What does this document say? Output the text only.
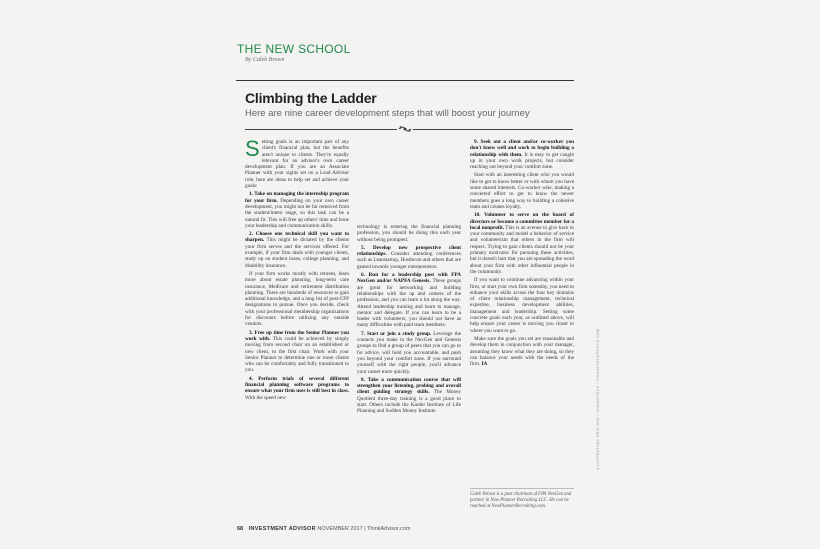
THE NEW SCHOOL
By Caleb Brown
Climbing the Ladder
Here are nine career development steps that will boost your journey

Setting goals is an important part of any client's financial plan, but the benefits aren't unique to clients. They're equally relevant for an advisor's own career development plan. If you are an Associate Planner with your sights set on a Lead Advisor role, here are ideas to help set and achieve your goals:

1. Take on managing the internship program for your firm. Depending on your own career development, you might not be far removed from the student/intern stage, so this task can be a natural fit. This will free up others' time and bone your leadership and communication skills.

2. Choose one technical skill you want to sharpen. This might be dictated by the clients your firm serves and the services offered. For example, if your firm deals with younger clients, study up on student loans, college planning, and disability insurance.

If your firm works mostly with retirees, learn more about estate planning, long-term care insurance, Medicare and retirement distribution planning. There are hundreds of resources to gain additional knowledge, and a long list of post-CFP designations to pursue. Once you decide, check with your professional membership organizations for discounts before utilizing any outside vendors.

3. Free up time from the Senior Planner you work with. This could be achieved by simply moving from second chair on an established or new client, to the first chair. Work with your Senior Planner to determine one or more clients who can be comfortably and fully transitioned to you.

4. Perform trials of several different financial planning software programs to ensure what your firm uses is still best in class. With the speed new

technology is entering the financial planning profession, you should be doing this each year without being prompted.

5. Develop new prospective client relationships. Consider attending conferences such as Leanstartup, Hustlecon and others that are geared towards younger entrepreneurs.

6. Run for a leadership post with FPA NexGen and/or NAPFA Genesis. These groups are great for networking and building relationships with the up and comers of the profession, and you can learn a lot along the way. Attend leadership training and learn to manage, mentor and delegate. If you can learn to be a leader with volunteers, you should not have as many difficulties with paid team members.

7. Start or join a study group. Leverage the contacts you make in the NexGen and Genesis groups to find a group of peers that you can go to for advice, will hold you accountable, and push you beyond your comfort zone. If you surround yourself with the right people, you'll advance your career more quickly.

8. Take a communication course that will strengthen your listening, probing and overall client guiding strategy skills. The Money Quotient three-day training is a good place to start. Others include the Kinder Institute of Life Planning and Sudden Money Institute.

9. Seek out a client and/or co-worker you don't know well and work to begin building a relationship with them. It is easy to get caught up in your own work projects, but consider reaching out beyond your comfort zone.

Start with an interesting client who you would like to get to know better or with whom you have some shared interests. Co-worker wise, making a concerted effort to get to know the newer members goes a long way to building a cohesive team and creates loyalty.

10. Volunteer to serve on the board of directors or become a committee member for a local nonprofit. This is an avenue to give back to your community and model a behavior of service and volunteerism that others in the firm will respect. Trying to gain clients should not be your primary motivator for pursuing these activities, but it doesn't hurt that you are spreading the word about your firm with other influential people in the community.

If you want to continue advancing within your firm, or start your own firm someday, you need to enhance your skills across the four key domains of client relationship management, technical expertise, business development abilities, management and leadership. Setting some concrete goals each year, as outlined above, will help ensure your career is moving you closer to where you want to go.

Make sure the goals you set are reasonable and develop them in conjunction with your manager, assuming they know what they are doing, so they can balance your needs with the needs of the firm. IA

Caleb Brown is a past chairman of FPA NexGen and partner in New Planner Recruiting LLC. He can be reached at NewPlannerRecruiting.com.
68 INVESTMENT ADVISOR NOVEMBER 2017 | ThinkAdvisor.com
ILLUSTRATION: ERIK HNE / THINKSTOCK / THINKSTOCKPHOTO.COM
